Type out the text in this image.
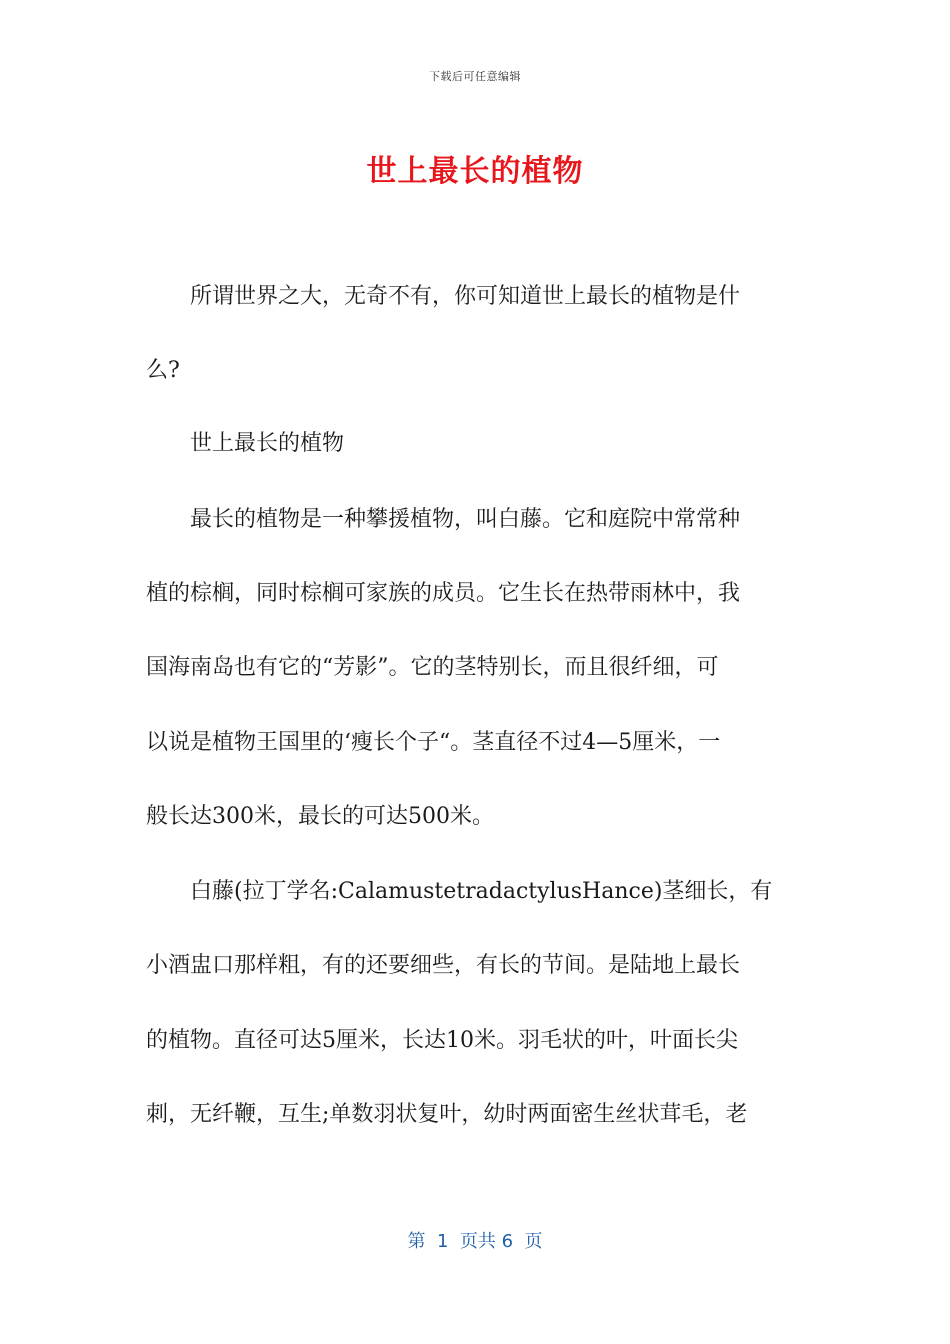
下载后可任意编辑
世上最长的植物
　　所谓世界之大，无奇不有，你可知道世上最长的植物是什
么?
　　世上最长的植物
　　最长的植物是一种攀援植物，叫白藤。它和庭院中常常种
植的棕榈，同时棕榈可家族的成员。它生长在热带雨林中，我
国海南岛也有它的“芳影”。它的茎特别长，而且很纤细，可
以说是植物王国里的‘瘦长个子“。茎直径不过4—5厘米，一
般长达300米，最长的可达500米。
　　白藤(拉丁学名:CalamustetradactylusHance)茎细长，有
小酒盅口那样粗，有的还要细些，有长的节间。是陆地上最长
的植物。直径可达5厘米，长达10米。羽毛状的叶，叶面长尖
刺，无纤鞭，互生;单数羽状复叶，幼时两面密生丝状茸毛，老
第  1  页共 6  页
